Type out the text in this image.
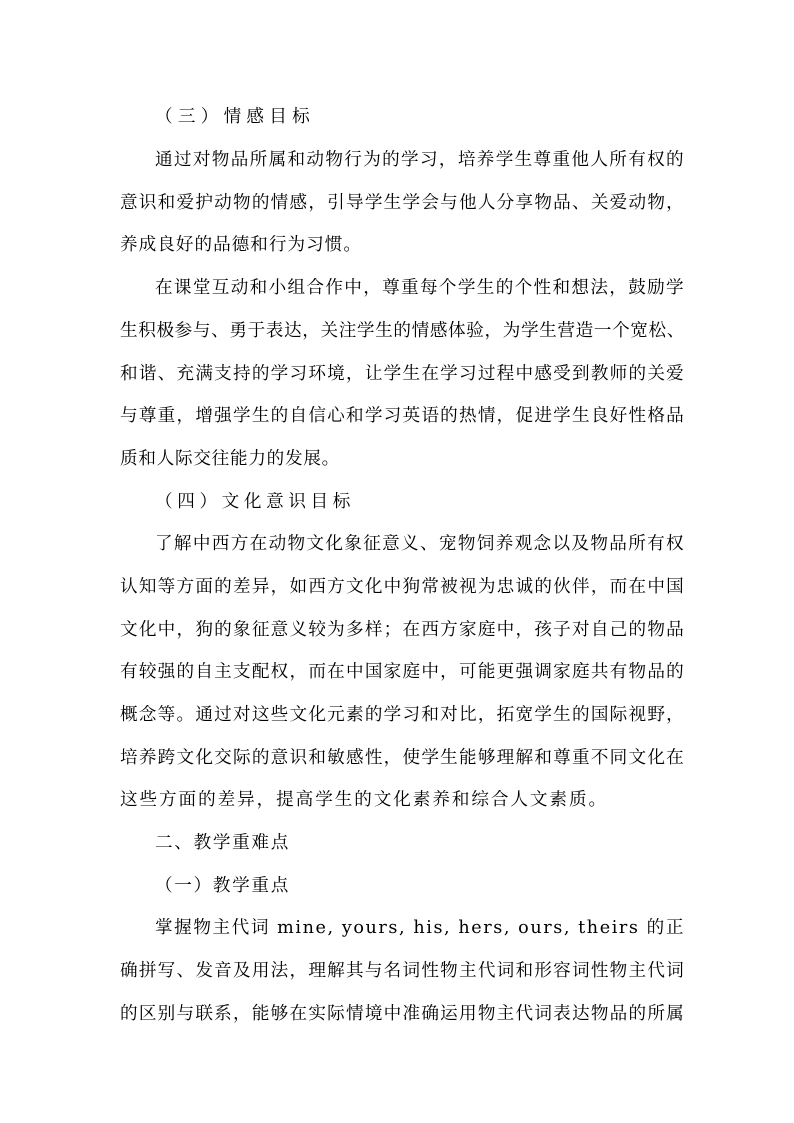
（三）情感目标
通过对物品所属和动物行为的学习，培养学生尊重他人所有权的
意识和爱护动物的情感，引导学生学会与他人分享物品、关爱动物，
养成良好的品德和行为习惯。
在课堂互动和小组合作中，尊重每个学生的个性和想法，鼓励学
生积极参与、勇于表达，关注学生的情感体验，为学生营造一个宽松、
和谐、充满支持的学习环境，让学生在学习过程中感受到教师的关爱
与尊重，增强学生的自信心和学习英语的热情，促进学生良好性格品
质和人际交往能力的发展。
（四）文化意识目标
了解中西方在动物文化象征意义、宠物饲养观念以及物品所有权
认知等方面的差异，如西方文化中狗常被视为忠诚的伙伴，而在中国
文化中，狗的象征意义较为多样；在西方家庭中，孩子对自己的物品
有较强的自主支配权，而在中国家庭中，可能更强调家庭共有物品的
概念等。通过对这些文化元素的学习和对比，拓宽学生的国际视野，
培养跨文化交际的意识和敏感性，使学生能够理解和尊重不同文化在
这些方面的差异，提高学生的文化素养和综合人文素质。
二、教学重难点
（一）教学重点
掌握物主代词 mine, yours, his, hers, ours, theirs 的正
确拼写、发音及用法，理解其与名词性物主代词和形容词性物主代词
的区别与联系，能够在实际情境中准确运用物主代词表达物品的所属
